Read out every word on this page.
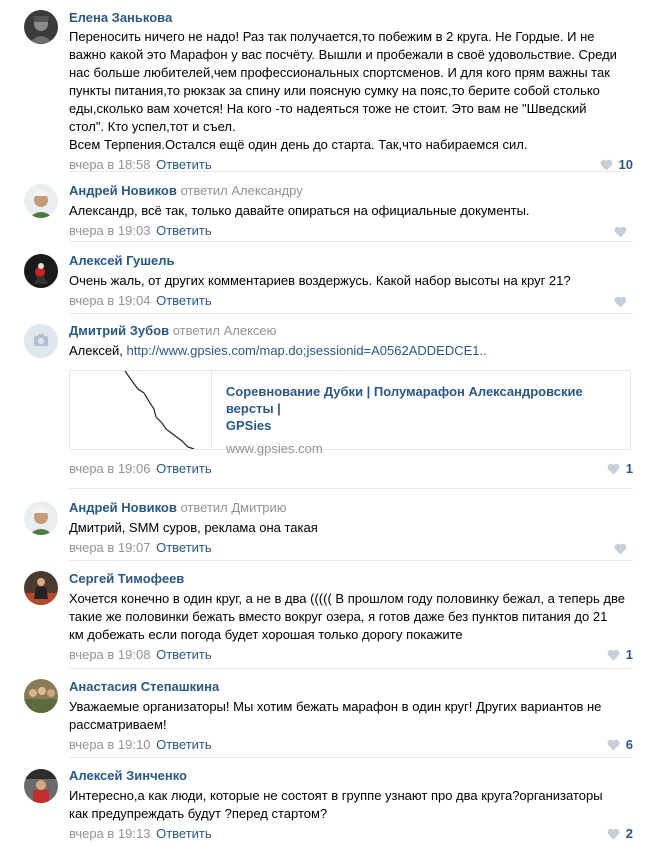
Елена Занькова
Переносить ничего не надо! Раз так получается,то побежим в 2 круга. Не Гордые. И не
важно какой это Марафон у вас посчёту. Вышли и пробежали в своё удовольствие. Среди
нас больше любителей,чем профессиональных спортсменов. И для кого прям важны так
пункты питания,то рюкзак за спину или поясную сумку на пояс,то берите собой столько
еды,сколько вам хочется! На кого -то надеяться тоже не стоит. Это вам не "Шведский
стол". Кто успел,тот и съел.
Всем Терпения.Остался ещё один день до старта. Так,что набираемся сил.
вчера в 18:58 Ответить	10
Андрей Новиков ответил Александру
Александр, всё так, только давайте опираться на официальные документы.
вчера в 19:03 Ответить
Алексей Гушель
Очень жаль, от других комментариев воздержусь. Какой набор высоты на круг 21?
вчера в 19:04 Ответить
Дмитрий Зубов ответил Алексею
Алексей, http://www.gpsies.com/map.do;jsessionid=A0562ADDEDCE1..
Соревнование Дубки | Полумарафон Александровские версты |
GPSies
www.gpsies.com
вчера в 19:06 Ответить	1
Андрей Новиков ответил Дмитрию
Дмитрий, SMM суров, реклама она такая
вчера в 19:07 Ответить
Сергей Тимофеев
Хочется конечно в один круг, а не в два ((((( В прошлом году половинку бежал, а теперь две
такие же половинки бежать вместо вокруг озера, я готов даже без пунктов питания до 21
км добежать если погода будет хорошая только дорогу покажите
вчера в 19:08 Ответить	1
Анастасия Степашкина
Уважаемые организаторы! Мы хотим бежать марафон в один круг! Других вариантов не
рассматриваем!
вчера в 19:10 Ответить	6
Алексей Зинченко
Интересно,а как люди, которые не состоят в группе узнают про два круга?организаторы
как предупреждать будут ?перед стартом?
вчера в 19:13 Ответить	2
